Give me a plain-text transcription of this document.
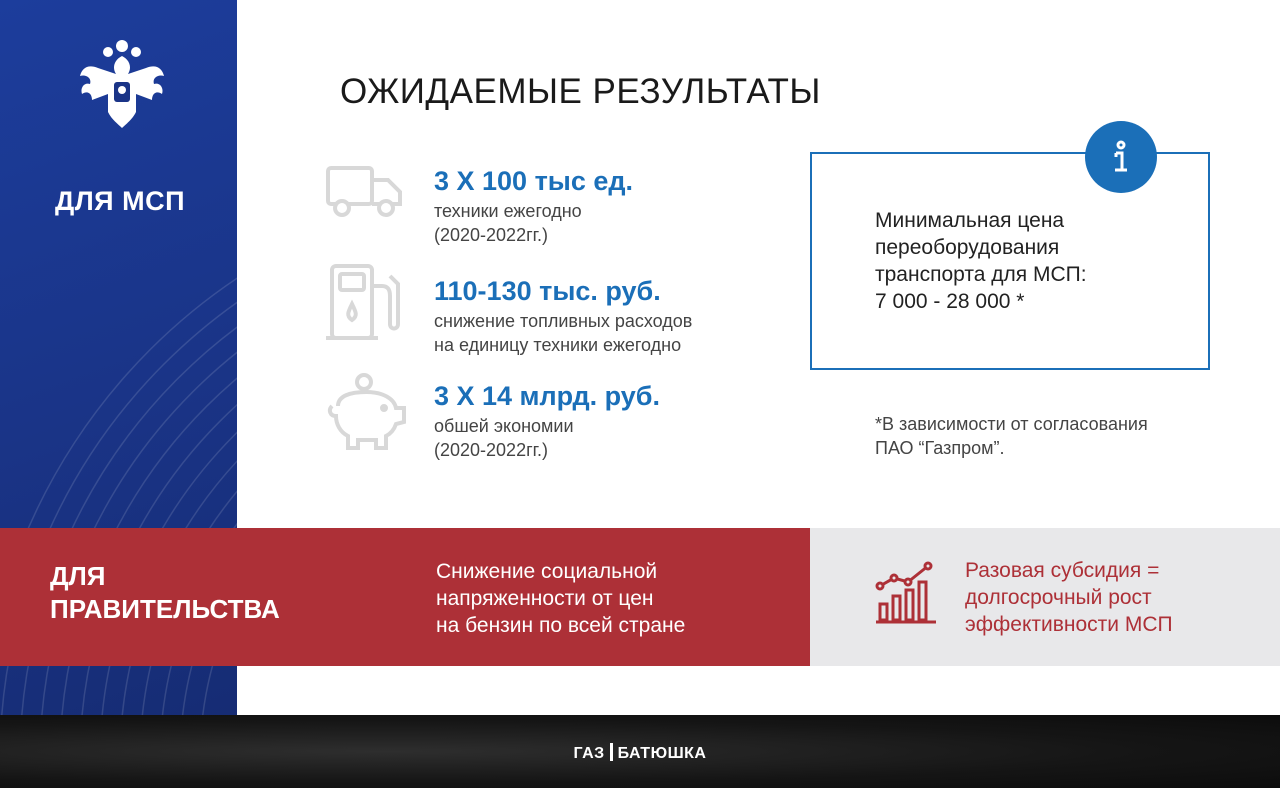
ДЛЯ МСП
ОЖИДАЕМЫЕ РЕЗУЛЬТАТЫ
3 Х 100 тыс ед.
техники ежегодно
(2020-2022гг.)
110-130 тыс. руб.
снижение топливных расходов
на единицу техники ежегодно
3 Х 14 млрд. руб.
обшей экономии
(2020-2022гг.)
Минимальная цена
переоборудования
транспорта для МСП:
7 000 - 28 000 *
*В зависимости от согласования
ПАО “Газпром”.
ДЛЯ
ПРАВИТЕЛЬСТВА
Снижение социальной
напряженности от цен
на бензин по всей стране
Разовая субсидия =
долгосрочный рост
эффективности МСП
ГАЗ БАТЮШКА
